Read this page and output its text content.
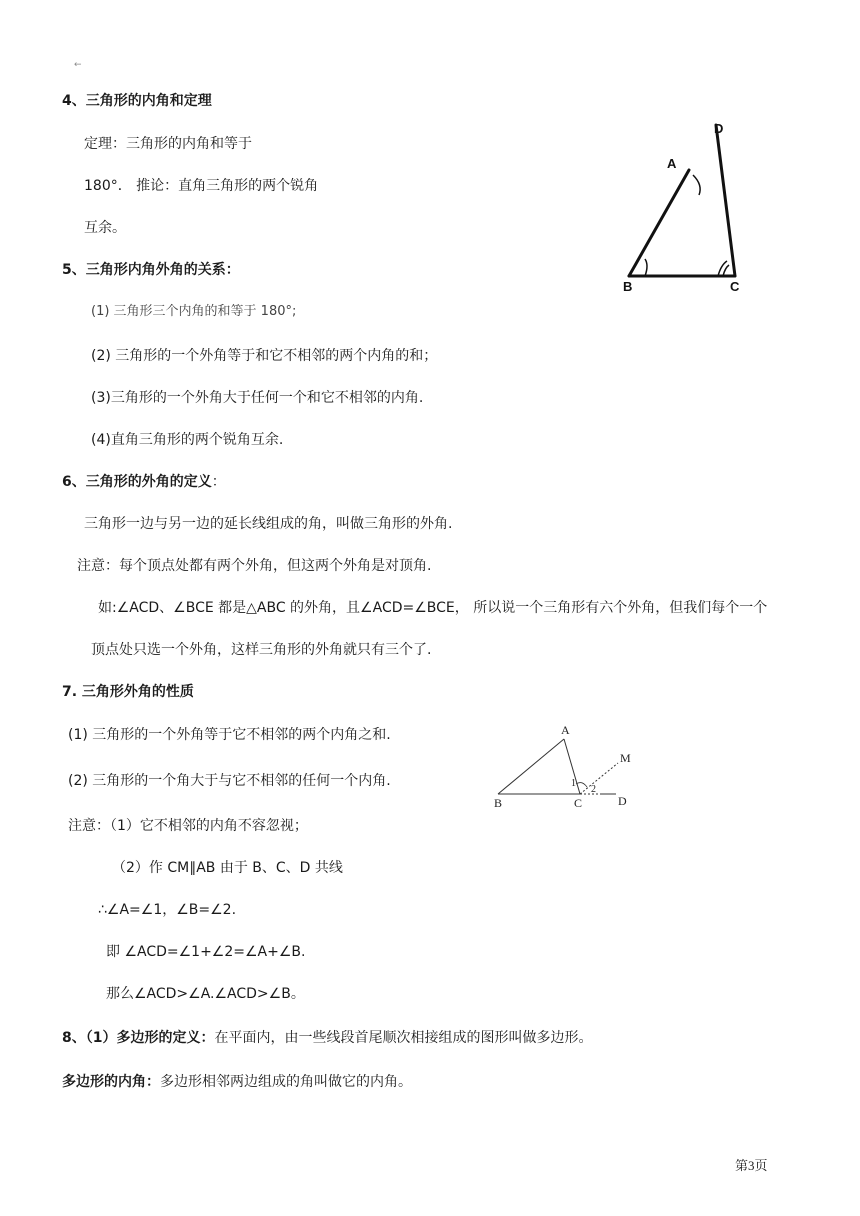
←
4、三角形的内角和定理
定理：三角形的内角和等于
180°． 推论：直角三角形的两个锐角
互余。
D
A
B	C
5、三角形内角外角的关系：
(1) 三角形三个内角的和等于 180°;
(2) 三角形的一个外角等于和它不相邻的两个内角的和；
(3)三角形的一个外角大于任何一个和它不相邻的内角.
(4)直角三角形的两个锐角互余.
6、三角形的外角的定义：
三角形一边与另一边的延长线组成的角，叫做三角形的外角.
注意：每个顶点处都有两个外角，但这两个外角是对顶角.
如:∠ACD、∠BCE 都是△ABC 的外角，且∠ACD=∠BCE， 所以说一个三角形有六个外角，但我们每个一个
顶点处只选一个外角，这样三角形的外角就只有三个了.
7. 三角形外角的性质
(1) 三角形的一个外角等于它不相邻的两个内角之和.
(2) 三角形的一个角大于与它不相邻的任何一个内角.
A
M
1
2
B	C	D
注意：（1）它不相邻的内角不容忽视；
（2）作 CM∥AB 由于 B、C、D 共线
∴∠A=∠1，∠B=∠2.
即 ∠ACD=∠1+∠2=∠A+∠B.
那么∠ACD>∠A.∠ACD>∠B。
8、（1）多边形的定义：在平面内，由一些线段首尾顺次相接组成的图形叫做多边形。
多边形的内角：多边形相邻两边组成的角叫做它的内角。
第3页
